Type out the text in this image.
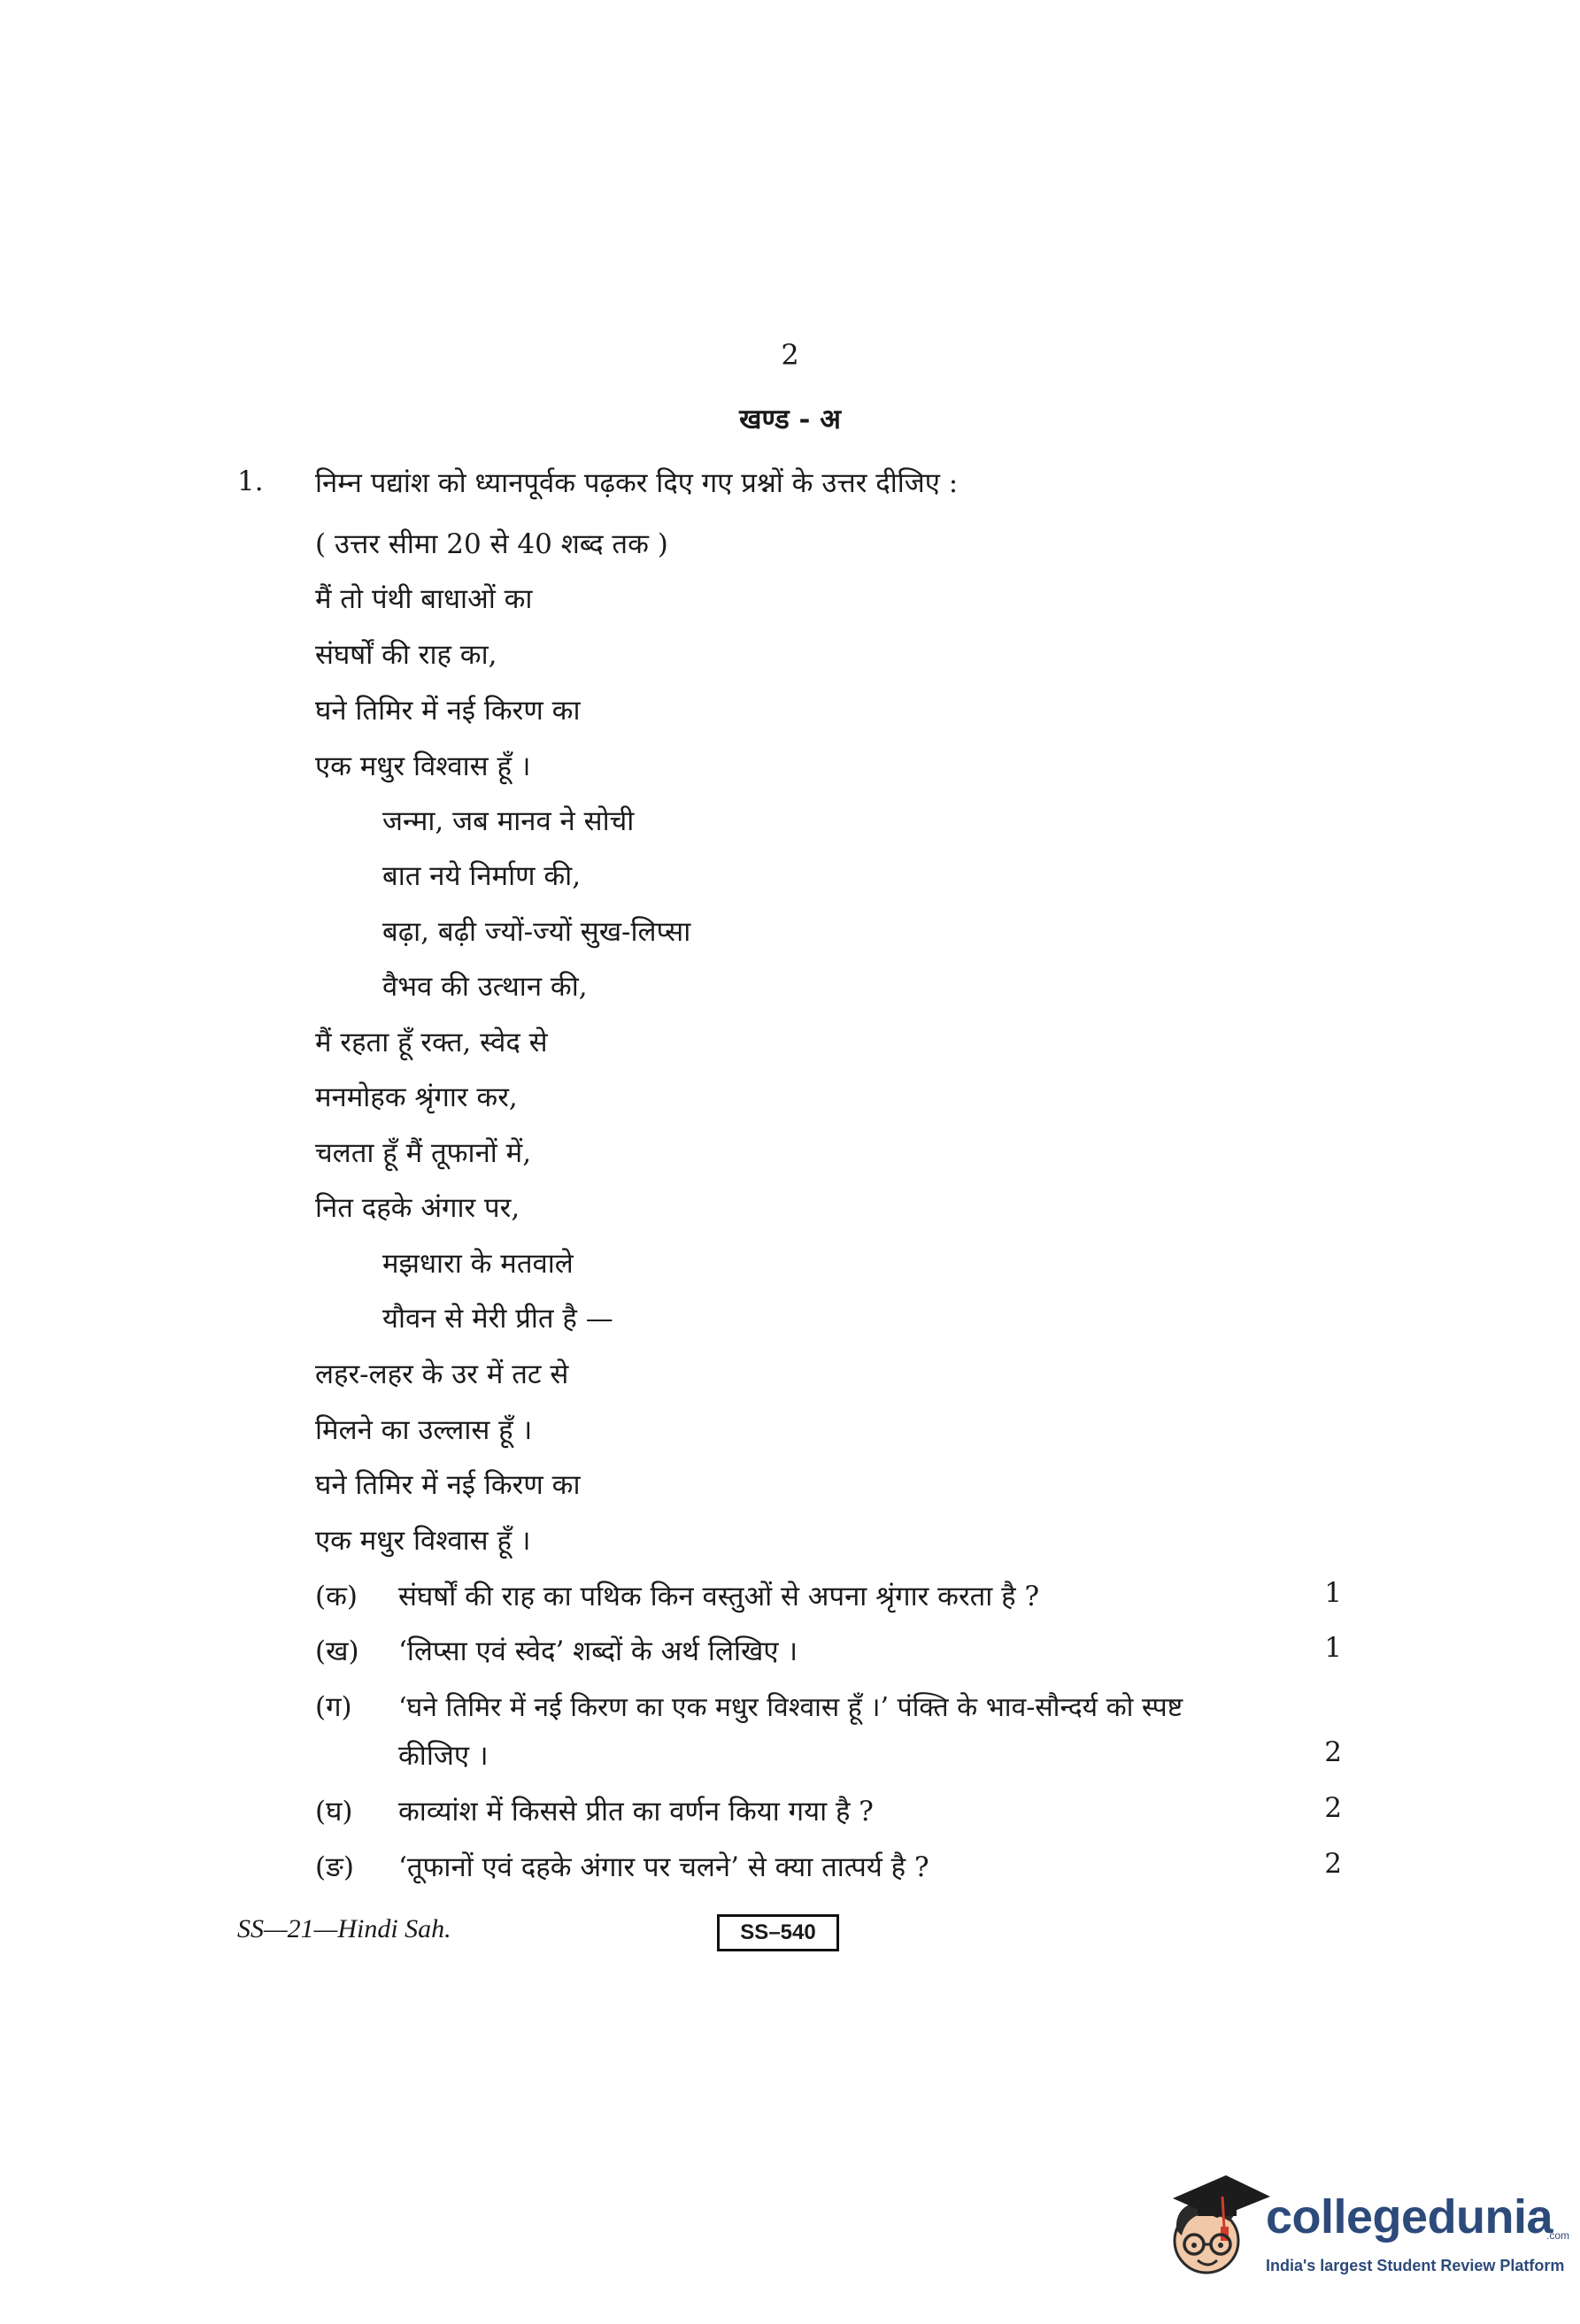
2
खण्ड - अ
1. निम्न पद्यांश को ध्यानपूर्वक पढ़कर दिए गए प्रश्नों के उत्तर दीजिए :
( उत्तर सीमा 20 से 40 शब्द तक )
मैं तो पंथी बाधाओं का
संघर्षों की राह का,
घने तिमिर में नई किरण का
एक मधुर विश्वास हूँ ।
जन्मा, जब मानव ने सोची
बात नये निर्माण की,
बढ़ा, बढ़ी ज्यों-ज्यों सुख-लिप्सा
वैभव की उत्थान की,
मैं रहता हूँ रक्त, स्वेद से
मनमोहक श्रृंगार कर,
चलता हूँ मैं तूफानों में,
नित दहके अंगार पर,
मझधारा के मतवाले
यौवन से मेरी प्रीत है —
लहर-लहर के उर में तट से
मिलने का उल्लास हूँ ।
घने तिमिर में नई किरण का
एक मधुर विश्वास हूँ ।
(क) संघर्षों की राह का पथिक किन वस्तुओं से अपना श्रृंगार करता है ?	1
(ख) ‘लिप्सा एवं स्वेद’ शब्दों के अर्थ लिखिए ।	1
(ग) ‘घने तिमिर में नई किरण का एक मधुर विश्वास हूँ ।’ पंक्ति के भाव-सौन्दर्य को स्पष्ट
कीजिए ।	2
(घ) काव्यांश में किससे प्रीत का वर्णन किया गया है ?	2
(ङ) ‘तूफानों एवं दहके अंगार पर चलने’ से क्या तात्पर्य है ?	2
SS—21—Hindi Sah.	SS–540
collegedunia
.com
India's largest Student Review Platform
